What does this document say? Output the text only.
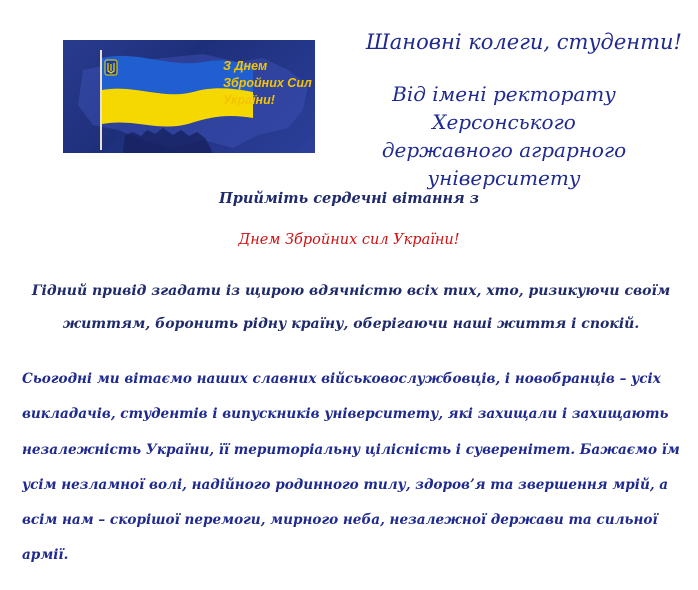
З Днем
Збройних Сил
України!
Шановні колеги, студенти!
Від імені ректорату Херсонського
державного аграрного
університету
Прийміть сердечні вітання з
Днем Збройних сил України!
Гідний привід згадати із щирою вдячністю всіх тих, хто, ризикуючи своїм
життям, боронить рідну країну, оберігаючи наші життя і спокій.
Сьогодні ми вітаємо наших славних військовослужбовців, і новобранців – усіх
викладачів, студентів і випускників університету, які захищали і захищають
незалежність України, її територіальну цілісність і суверенітет. Бажаємо їм
усім незламної волі, надійного родинного тилу, здоров’я та звершення мрій, а
всім нам – скорішої перемоги, мирного неба, незалежної держави та сильної
армії.
